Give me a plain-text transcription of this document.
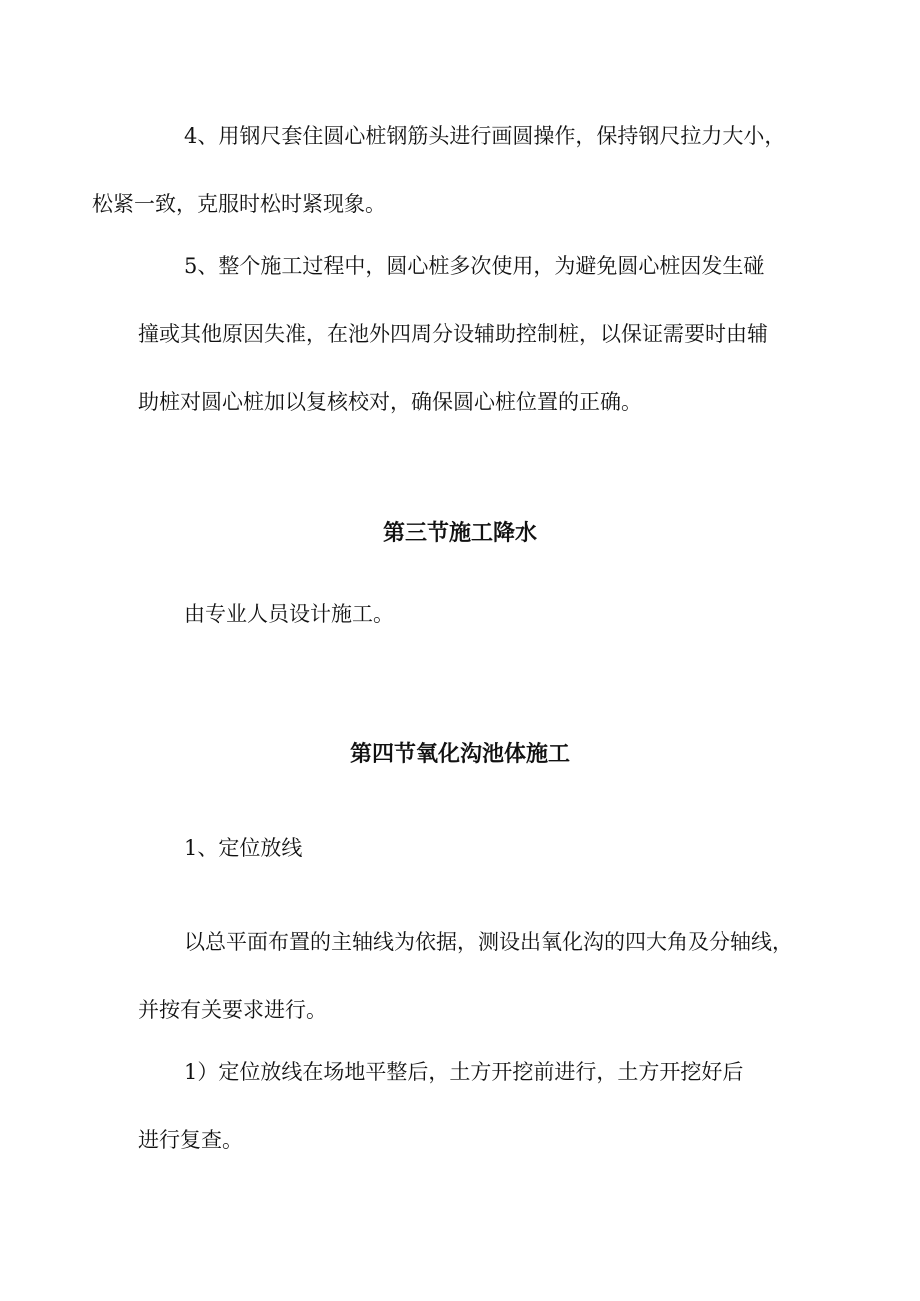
4、用钢尺套住圆心桩钢筋头进行画圆操作，保持钢尺拉力大小，
松紧一致，克服时松时紧现象。

5、整个施工过程中，圆心桩多次使用，为避免圆心桩因发生碰
撞或其他原因失准，在池外四周分设辅助控制桩，以保证需要时由辅
助桩对圆心桩加以复核校对，确保圆心桩位置的正确。

第三节施工降水

由专业人员设计施工。

第四节氧化沟池体施工

1、定位放线

以总平面布置的主轴线为依据，测设出氧化沟的四大角及分轴线，
并按有关要求进行。

1）定位放线在场地平整后，土方开挖前进行，土方开挖好后
进行复查。
